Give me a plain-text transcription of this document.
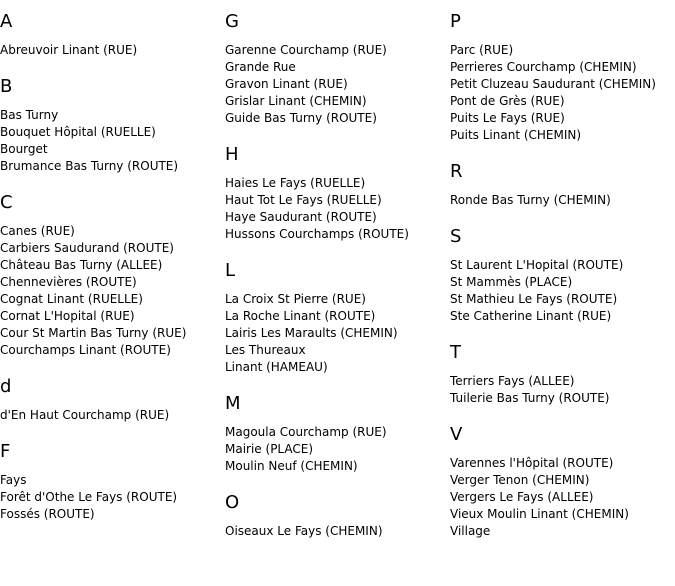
A
Abreuvoir Linant (RUE)
B
Bas Turny
Bouquet Hôpital (RUELLE)
Bourget
Brumance Bas Turny (ROUTE)
C
Canes (RUE)
Carbiers Saudurand (ROUTE)
Château Bas Turny (ALLEE)
Chennevières (ROUTE)
Cognat Linant (RUELLE)
Cornat L'Hopital (RUE)
Cour St Martin Bas Turny (RUE)
Courchamps Linant (ROUTE)
d
d'En Haut Courchamp (RUE)
F
Fays
Forêt d'Othe Le Fays (ROUTE)
Fossés (ROUTE)
G
Garenne Courchamp (RUE)
Grande Rue
Gravon Linant (RUE)
Grislar Linant (CHEMIN)
Guide Bas Turny (ROUTE)
H
Haies Le Fays (RUELLE)
Haut Tot Le Fays (RUELLE)
Haye Saudurant (ROUTE)
Hussons Courchamps (ROUTE)
L
La Croix St Pierre (RUE)
La Roche Linant (ROUTE)
Lairis Les Maraults (CHEMIN)
Les Thureaux
Linant (HAMEAU)
M
Magoula Courchamp (RUE)
Mairie (PLACE)
Moulin Neuf (CHEMIN)
O
Oiseaux Le Fays (CHEMIN)
P
Parc (RUE)
Perrieres Courchamp (CHEMIN)
Petit Cluzeau Saudurant (CHEMIN)
Pont de Grès (RUE)
Puits Le Fays (RUE)
Puits Linant (CHEMIN)
R
Ronde Bas Turny (CHEMIN)
S
St Laurent L'Hopital (ROUTE)
St Mammès (PLACE)
St Mathieu Le Fays (ROUTE)
Ste Catherine Linant (RUE)
T
Terriers Fays (ALLEE)
Tuilerie Bas Turny (ROUTE)
V
Varennes l'Hôpital (ROUTE)
Verger Tenon (CHEMIN)
Vergers Le Fays (ALLEE)
Vieux Moulin Linant (CHEMIN)
Village
